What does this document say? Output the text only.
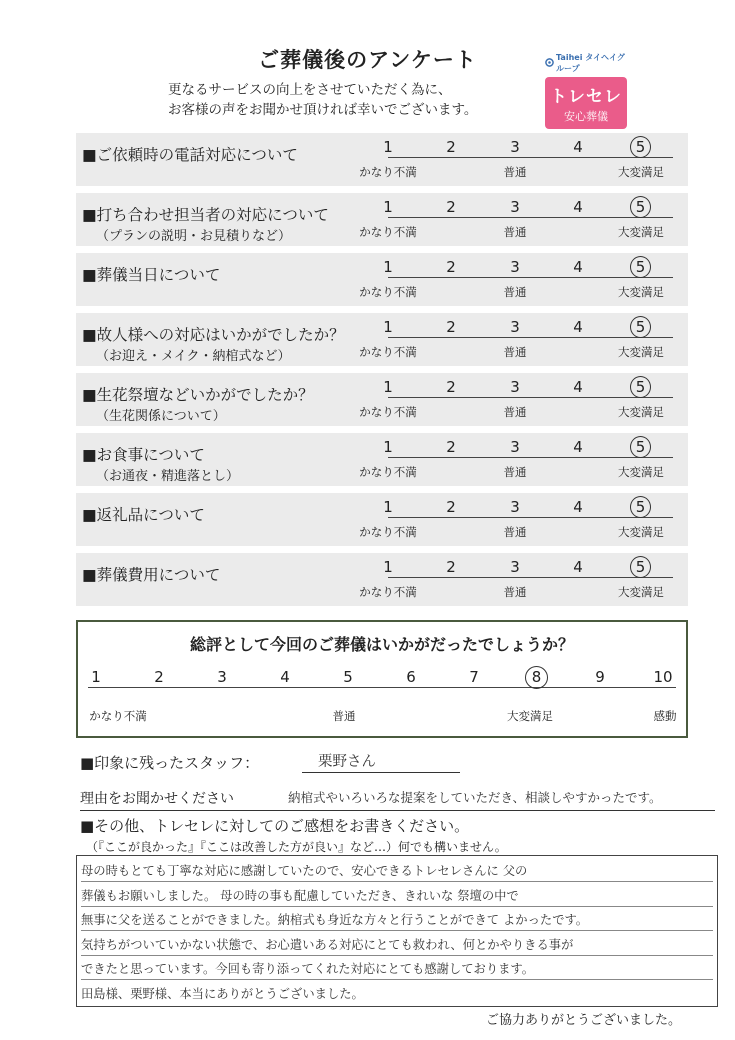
ご葬儀後のアンケート
更なるサービスの向上をさせていただく為に、
お客様の声をお聞かせ頂ければ幸いでございます。
Taihei タイヘイグループ
トレセレ
安心葬儀
■ご依頼時の電話対応について	1	2	3	4	5
かなり不満	普通	大変満足
■打ち合わせ担当者の対応について
（プランの説明・お見積りなど）
1	2	3	4	5
かなり不満	普通	大変満足
■葬儀当日について	1	2	3	4	5
かなり不満	普通	大変満足
■故人様への対応はいかがでしたか？
（お迎え・メイク・納棺式など）
1	2	3	4	5
かなり不満	普通	大変満足
■生花祭壇などいかがでしたか？
（生花関係について）
1	2	3	4	5
かなり不満	普通	大変満足
■お食事について
（お通夜・精進落とし）
1	2	3	4	5
かなり不満	普通	大変満足
■返礼品について	1	2	3	4	5
かなり不満	普通	大変満足
■葬儀費用について	1	2	3	4	5
かなり不満	普通	大変満足
総評として今回のご葬儀はいかがだったでしょうか？
1	2	3	4	5	6	7	8	9	10
かなり不満	普通	大変満足	感動
■印象に残ったスタッフ：	栗野さん
理由をお聞かせください	納棺式やいろいろな提案をしていただき、相談しやすかったです。
■その他、トレセレに対してのご感想をお書きください。
（『ここが良かった』『ここは改善した方が良い』など…）何でも構いません。
母の時もとても丁寧な対応に感謝していたので、安心できるトレセレさんに 父の
葬儀もお願いしました。 母の時の事も配慮していただき、きれいな 祭壇の中で
無事に父を送ることができました。納棺式も身近な方々と行うことができて よかったです。
気持ちがついていかない状態で、お心遣いある対応にとても救われ、何とかやりきる事が
できたと思っています。今回も寄り添ってくれた対応にとても感謝しております。
田島様、栗野様、本当にありがとうございました。
ご協力ありがとうございました。
